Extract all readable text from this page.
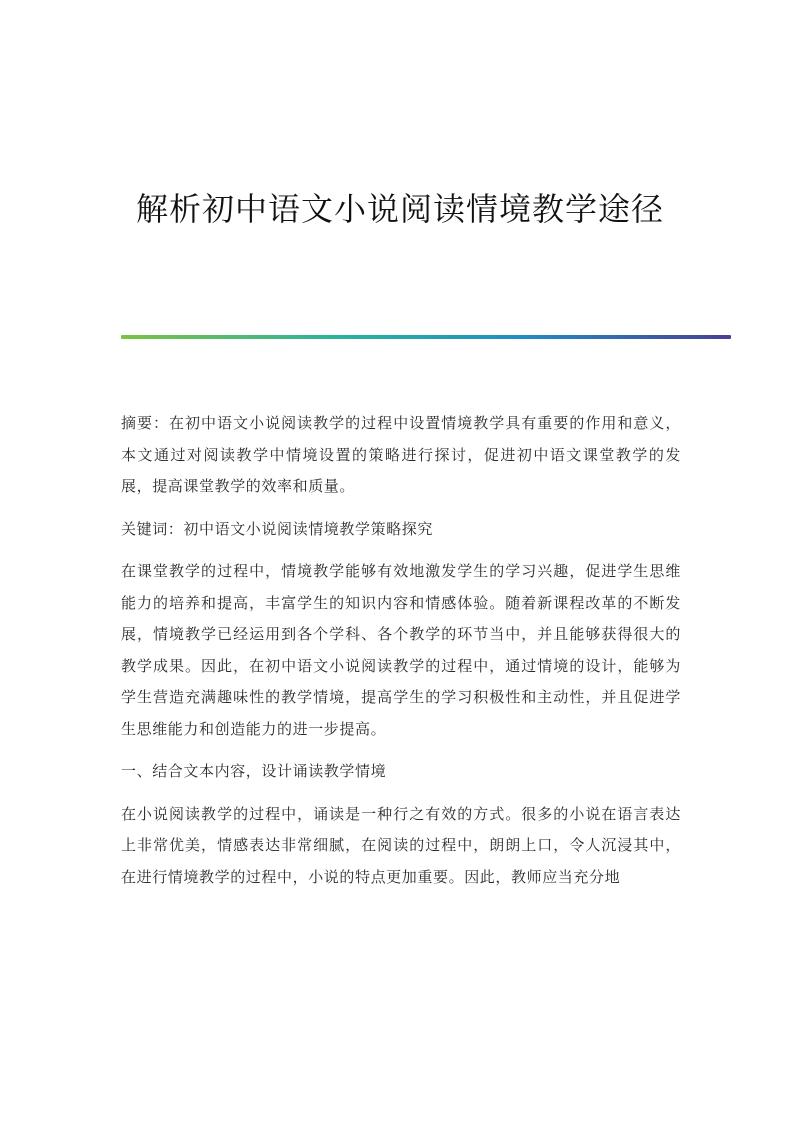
解析初中语文小说阅读情境教学途径

摘要：在初中语文小说阅读教学的过程中设置情境教学具有重要的作用和意义，本文通过对阅读教学中情境设置的策略进行探讨，促进初中语文课堂教学的发展，提高课堂教学的效率和质量。

关键词：初中语文小说阅读情境教学策略探究

在课堂教学的过程中，情境教学能够有效地激发学生的学习兴趣，促进学生思维能力的培养和提高，丰富学生的知识内容和情感体验。随着新课程改革的不断发展，情境教学已经运用到各个学科、各个教学的环节当中，并且能够获得很大的教学成果。因此，在初中语文小说阅读教学的过程中，通过情境的设计，能够为学生营造充满趣味性的教学情境，提高学生的学习积极性和主动性，并且促进学生思维能力和创造能力的进一步提高。

一、结合文本内容，设计诵读教学情境

在小说阅读教学的过程中，诵读是一种行之有效的方式。很多的小说在语言表达上非常优美，情感表达非常细腻，在阅读的过程中，朗朗上口，令人沉浸其中，在进行情境教学的过程中，小说的特点更加重要。因此，教师应当充分地
